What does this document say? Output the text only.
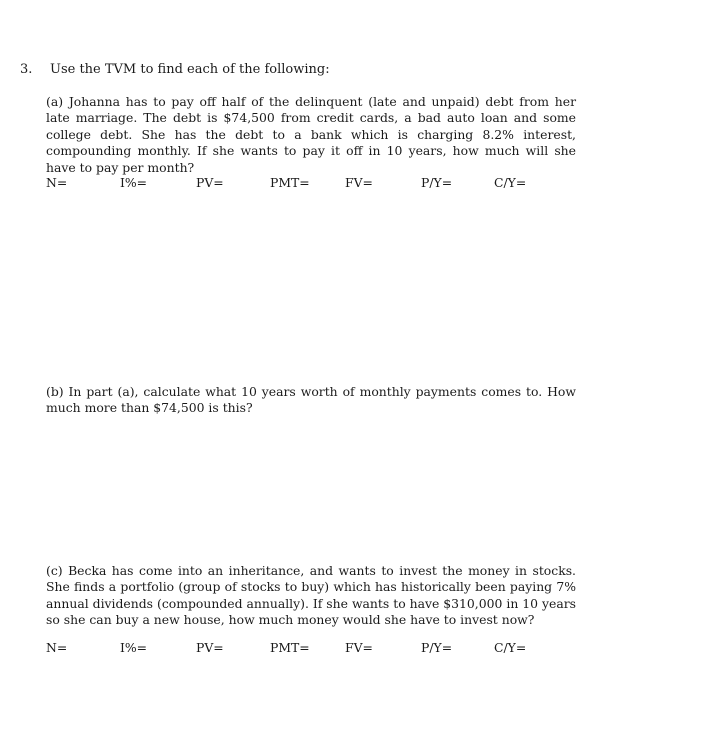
3. Use the TVM to find each of the following:
(a) Johanna has to pay off half of the delinquent (late and unpaid) debt from her late marriage. The debt is $74,500 from credit cards, a bad auto loan and some college debt. She has the debt to a bank which is charging 8.2% interest, compounding monthly. If she wants to pay it off in 10 years, how much will she have to pay per month?
N=	I%=	PV=	PMT=	FV=	P/Y=	C/Y=
(b) In part (a), calculate what 10 years worth of monthly payments comes to. How much more than $74,500 is this?
(c) Becka has come into an inheritance, and wants to invest the money in stocks. She finds a portfolio (group of stocks to buy) which has historically been paying 7% annual dividends (compounded annually). If she wants to have $310,000 in 10 years so she can buy a new house, how much money would she have to invest now?
N=	I%=	PV=	PMT=	FV=	P/Y=	C/Y=
